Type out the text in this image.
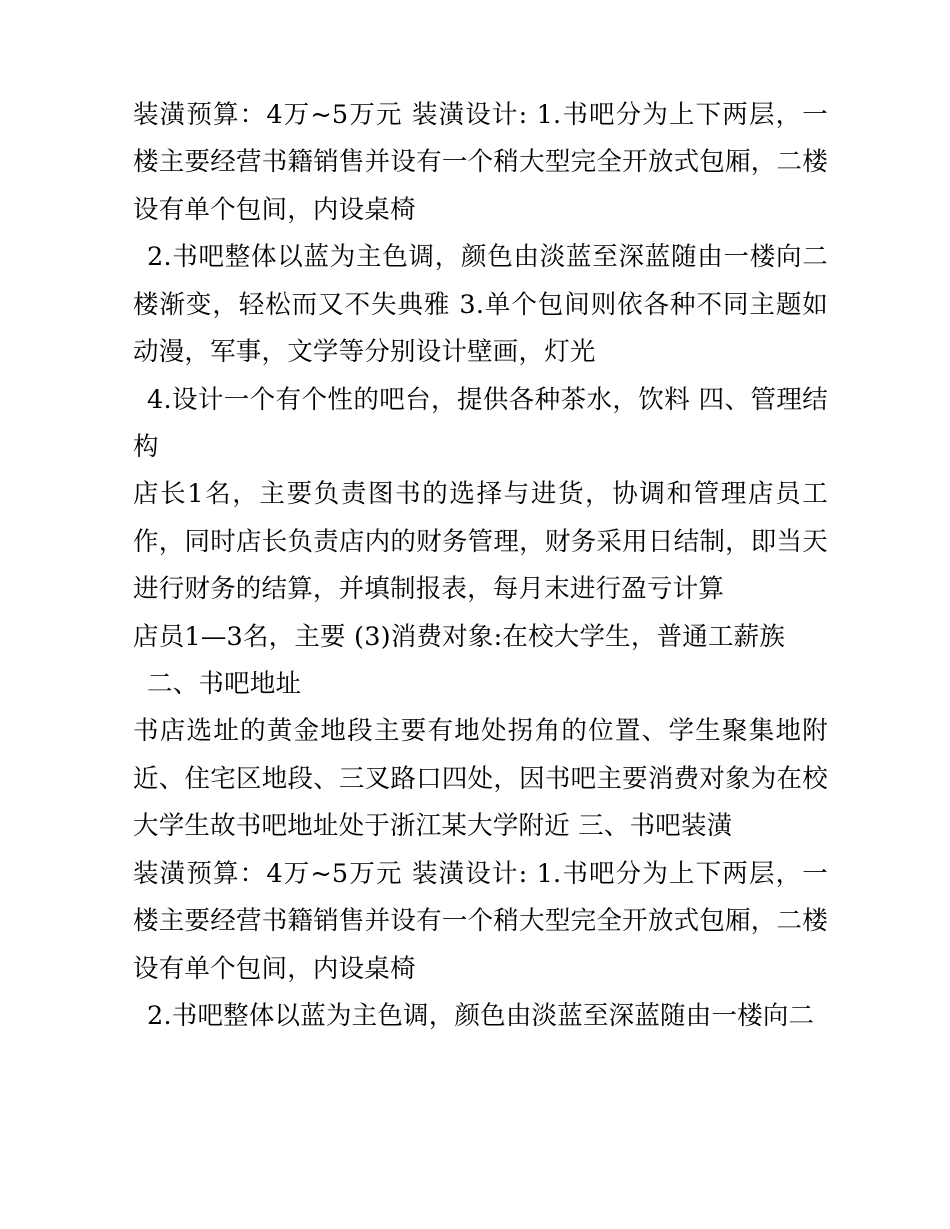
装潢预算：4万~5万元 装潢设计: 1.书吧分为上下两层，一楼主要经营书籍销售并设有一个稍大型完全开放式包厢，二楼设有单个包间，内设桌椅

2.书吧整体以蓝为主色调，颜色由淡蓝至深蓝随由一楼向二楼渐变，轻松而又不失典雅 3.单个包间则依各种不同主题如动漫，军事，文学等分别设计壁画，灯光

4.设计一个有个性的吧台，提供各种茶水，饮料 四、管理结构

店长1名，主要负责图书的选择与进货，协调和管理店员工作，同时店长负责店内的财务管理，财务采用日结制，即当天进行财务的结算，并填制报表，每月末进行盈亏计算

店员1—3名，主要 (3)消费对象:在校大学生，普通工薪族

二、书吧地址

书店选址的黄金地段主要有地处拐角的位置、学生聚集地附近、住宅区地段、三叉路口四处，因书吧主要消费对象为在校大学生故书吧地址处于浙江某大学附近 三、书吧装潢

装潢预算：4万~5万元 装潢设计: 1.书吧分为上下两层，一楼主要经营书籍销售并设有一个稍大型完全开放式包厢，二楼设有单个包间，内设桌椅

2.书吧整体以蓝为主色调，颜色由淡蓝至深蓝随由一楼向二
